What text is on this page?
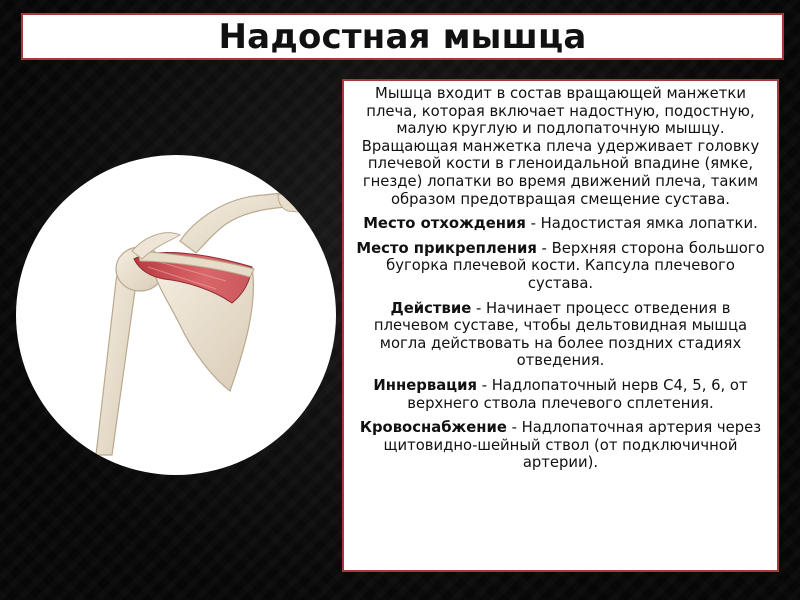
Надостная мышца

Мышца входит в состав вращающей манжетки плеча, которая включает надостную, подостную, малую круглую и подлопаточную мышцу. Вращающая манжетка плеча удерживает головку плечевой кости в гленоидальной впадине (ямке, гнезде) лопатки во время движений плеча, таким образом предотвращая смещение сустава.

Место отхождения - Надостистая ямка лопатки.

Место прикрепления - Верхняя сторона большого бугорка плечевой кости. Капсула плечевого сустава.

Действие - Начинает процесс отведения в плечевом суставе, чтобы дельтовидная мышца могла действовать на более поздних стадиях отведения.

Иннервация - Надлопаточный нерв С4, 5, 6, от верхнего ствола плечевого сплетения.

Кровоснабжение - Надлопаточная артерия через щитовидно-шейный ствол (от подключичной артерии).
